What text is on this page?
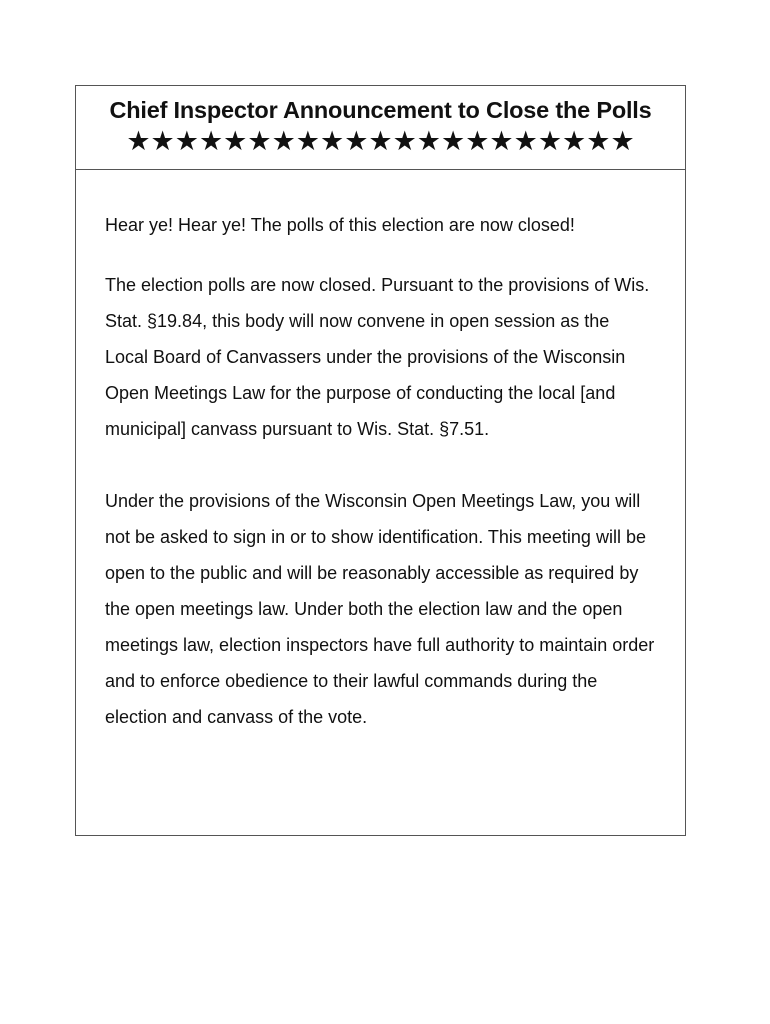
Chief Inspector Announcement to Close the Polls
★★★★★★★★★★★★★★★★★★★★★

Hear ye! Hear ye! The polls of this election are now closed!

The election polls are now closed. Pursuant to the provisions of Wis. Stat. §19.84, this body will now convene in open session as the Local Board of Canvassers under the provisions of the Wisconsin Open Meetings Law for the purpose of conducting the local [and municipal] canvass pursuant to Wis. Stat. §7.51.

Under the provisions of the Wisconsin Open Meetings Law, you will not be asked to sign in or to show identification. This meeting will be open to the public and will be reasonably accessible as required by the open meetings law. Under both the election law and the open meetings law, election inspectors have full authority to maintain order and to enforce obedience to their lawful commands during the election and canvass of the vote.
